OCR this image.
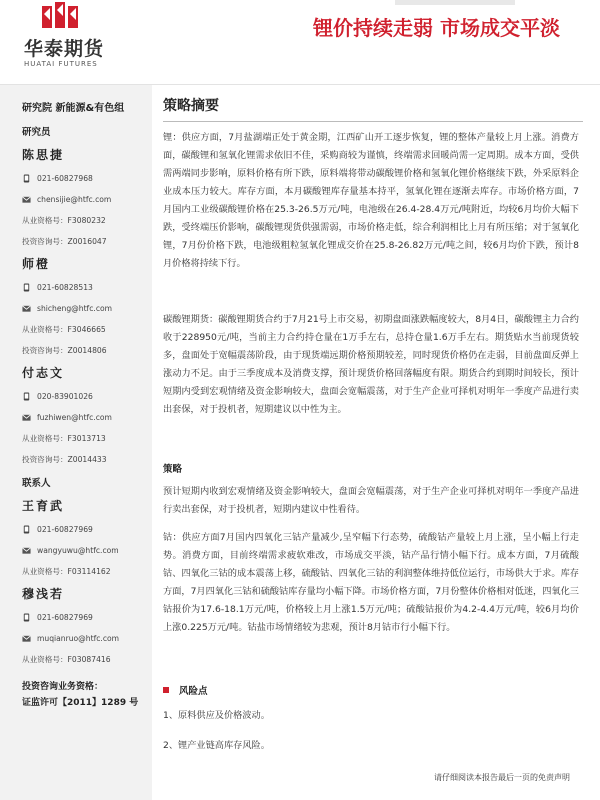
华泰期货
HUATAI FUTURES
锂价持续走弱 市场成交平淡
研究院 新能源&有色组
研究员
陈思捷
021-60827968
chensijie@htfc.com
从业资格号：F3080232
投资咨询号：Z0016047
师橙
021-60828513
shicheng@htfc.com
从业资格号：F3046665
投资咨询号：Z0014806
付志文
020-83901026
fuzhiwen@htfc.com
从业资格号：F3013713
投资咨询号：Z0014433
联系人
王育武
021-60827969
wangyuwu@htfc.com
从业资格号：F03114162
穆浅若
021-60827969
muqianruo@htfc.com
从业资格号：F03087416
投资咨询业务资格：
证监许可【2011】1289 号
策略摘要

锂：供应方面，7月盐湖端正处于黄金期，江西矿山开工逐步恢复，锂的整体产量较上月上涨。消费方面，碳酸锂和氢氧化锂需求依旧不佳，采购商较为谨慎，终端需求回暖尚需一定周期。成本方面，受供需两端同步影响，原料价格有所下跌，原料端将带动碳酸锂价格和氢氧化锂价格继续下跌，外采原料企业成本压力较大。库存方面，本月碳酸锂库存量基本持平，氢氧化锂在逐渐去库存。市场价格方面，7月国内工业级碳酸锂价格在25.3-26.5万元/吨，电池级在26.4-28.4万元/吨附近，均较6月均价大幅下跌，受终端压价影响，碳酸锂现货供强需弱，市场价格走低，综合利润相比上月有所压缩；对于氢氧化锂，7月份价格下跌，电池级粗粒氢氧化锂成交价在25.8-26.82万元/吨之间，较6月均价下跌，预计8月价格将持续下行。

碳酸锂期货：碳酸锂期货合约于7月21号上市交易，初期盘面涨跌幅度较大，8月4日，碳酸锂主力合约收于228950元/吨，当前主力合约持仓量在1万手左右，总持仓量1.6万手左右。期货贴水当前现货较多，盘面处于宽幅震荡阶段，由于现货端远期价格预期较差，同时现货价格仍在走弱，目前盘面反弹上涨动力不足。由于三季度成本及消费支撑，预计现货价格回落幅度有限。期货合约到期时间较长，预计短期内受到宏观情绪及资金影响较大，盘面会宽幅震荡，对于生产企业可择机对明年一季度产品进行卖出套保，对于投机者，短期建议以中性为主。

策略

预计短期内收到宏观情绪及资金影响较大，盘面会宽幅震荡，对于生产企业可择机对明年一季度产品进行卖出套保，对于投机者，短期内建议中性看待。

钴：供应方面7月国内四氧化三钴产量减少,呈窄幅下行态势，硫酸钴产量较上月上涨，呈小幅上行走势。消费方面，目前终端需求疲软难改，市场成交平淡，钴产品行情小幅下行。成本方面，7月硫酸钴、四氧化三钴的成本震荡上移，硫酸钴、四氧化三钴的利润整体维持低位运行，市场供大于求。库存方面，7月四氧化三钴和硫酸钴库存量均小幅下降。市场价格方面，7月份整体价格相对低迷，四氧化三钴报价为17.6-18.1万元/吨，价格较上月上涨1.5万元/吨；硫酸钴报价为4.2-4.4万元/吨，较6月均价上涨0.225万元/吨。钴盐市场情绪较为悲观，预计8月钴市行小幅下行。

风险点
1、原料供应及价格波动。
2、锂产业链高库存风险。
请仔细阅读本报告最后一页的免责声明
